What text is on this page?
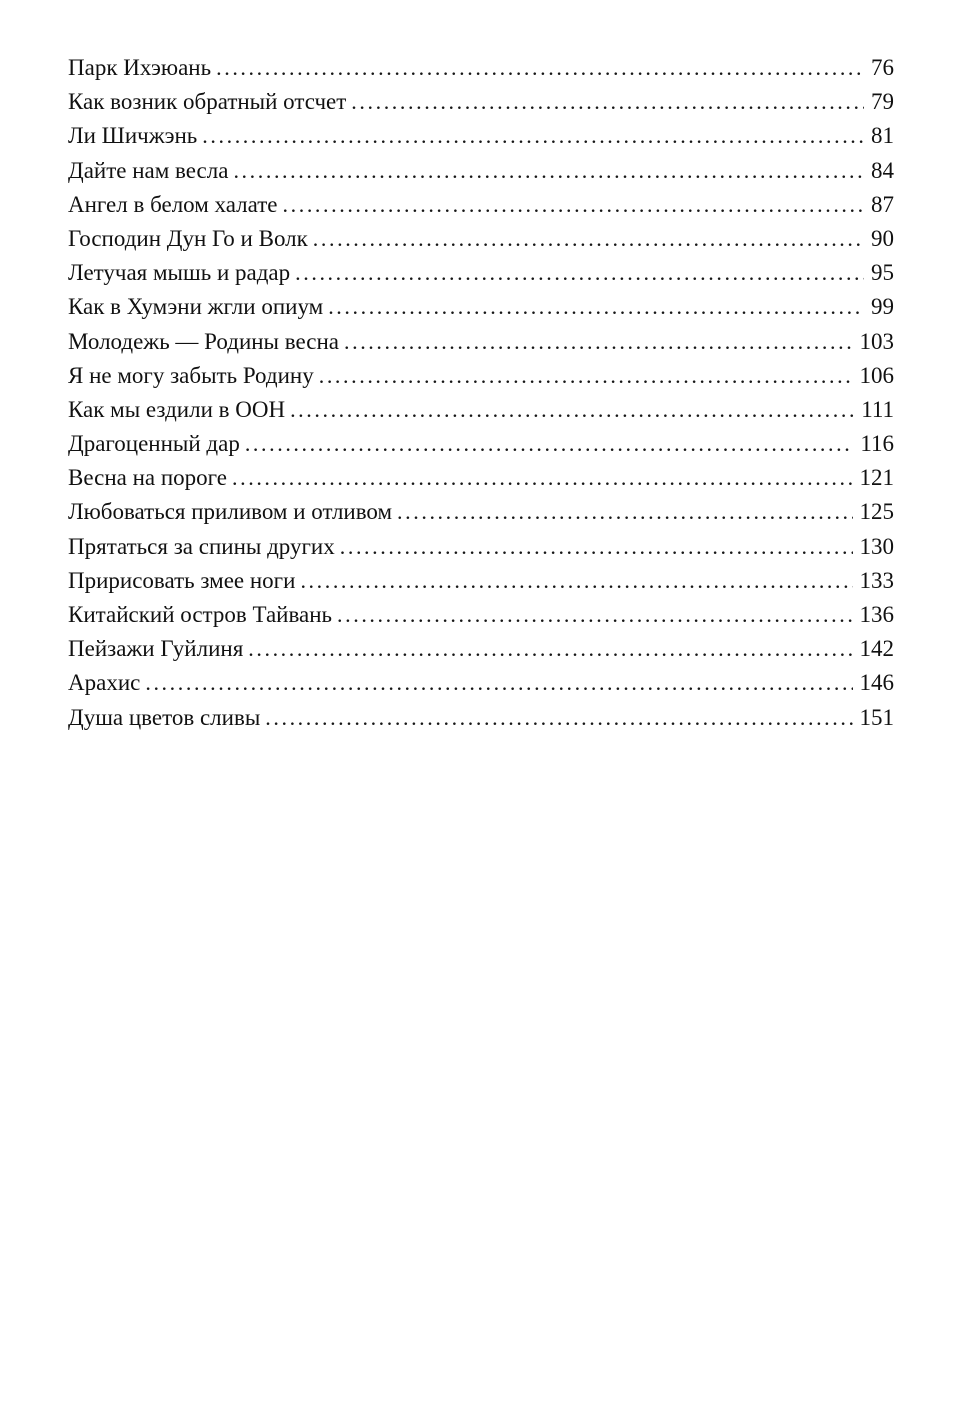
Парк Ихэюань .....	76
Как возник обратный отсчет .....	79
Ли Шичжэнь .....	81
Дайте нам весла .....	84
Ангел в белом халате .....	87
Господин Дун Го и Волк .....	90
Летучая мышь и радар .....	95
Как в Хумэни жгли опиум .....	99
Молодежь — Родины весна .....	103
Я не могу забыть Родину .....	106
Как мы ездили в ООН .....	111
Драгоценный дар .....	116
Весна на пороге .....	121
Любоваться приливом и отливом .....	125
Прятаться за спины других .....	130
Пририсовать змее ноги .....	133
Китайский остров Тайвань .....	136
Пейзажи Гуйлиня .....	142
Арахис .....	146
Душа цветов сливы .....	151
